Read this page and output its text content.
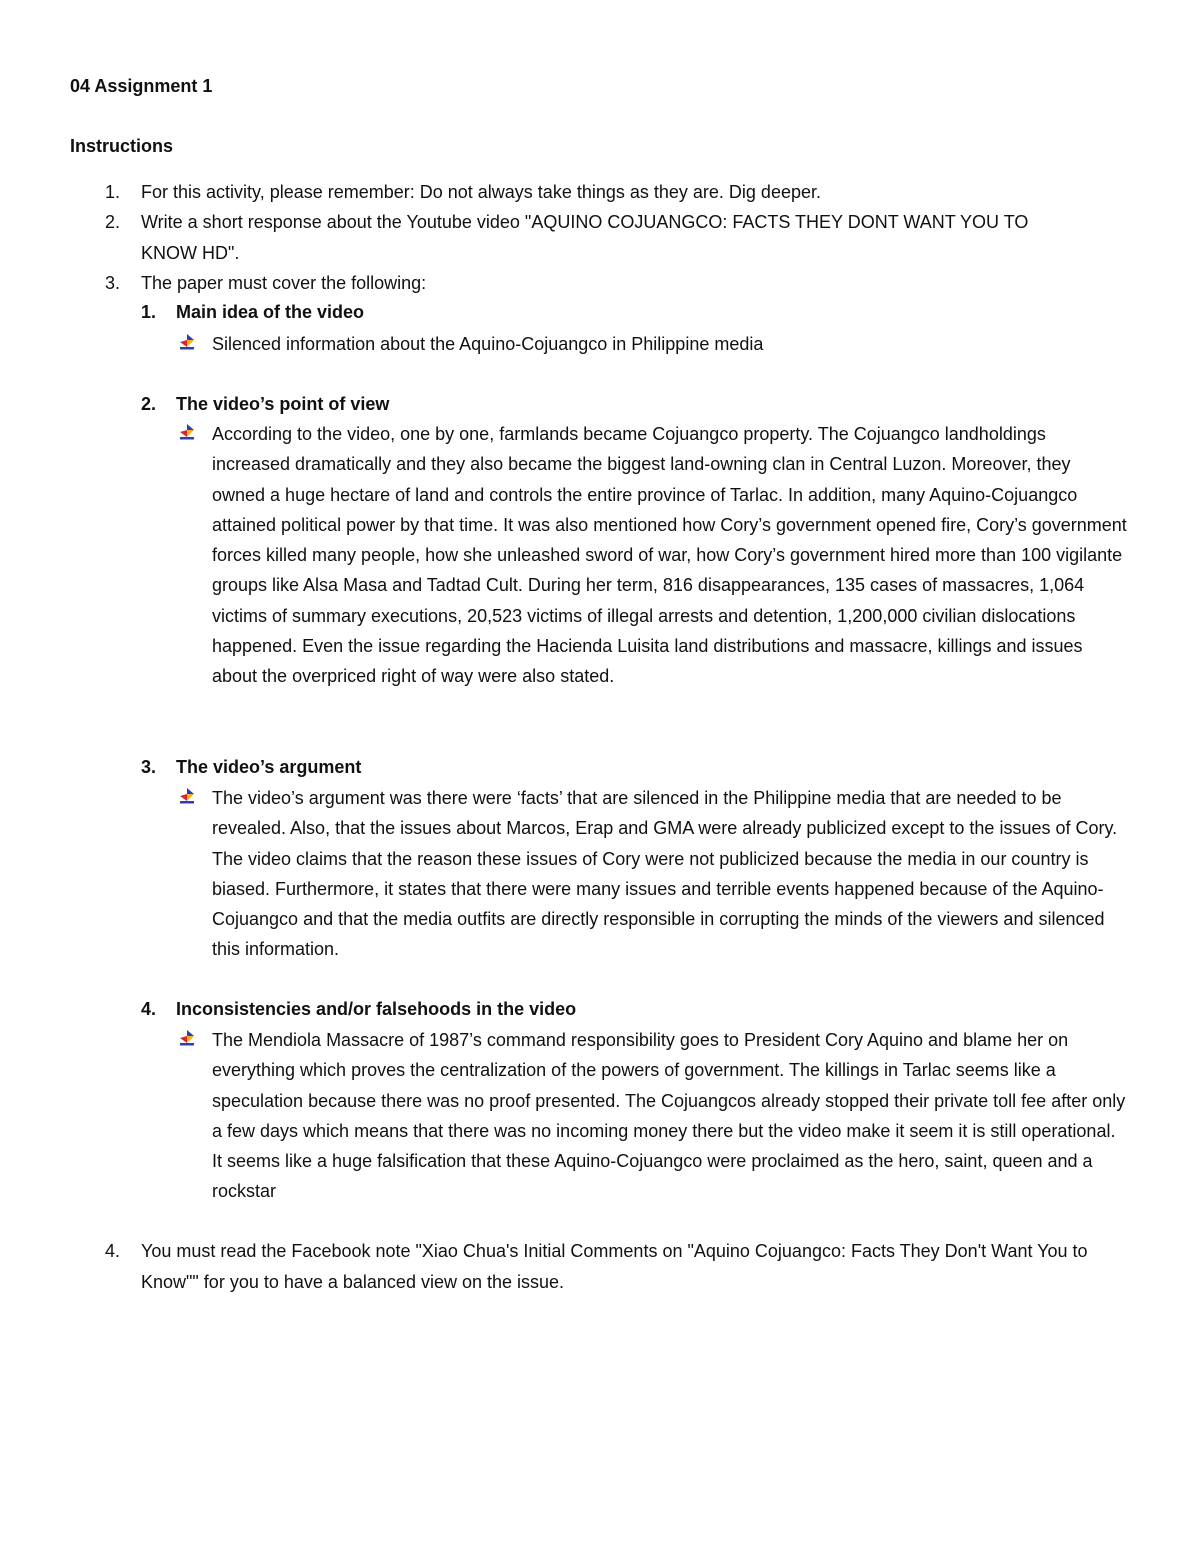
04 Assignment 1
Instructions
1.	For this activity, please remember: Do not always take things as they are. Dig deeper.
2.	Write a short response about the Youtube video "AQUINO COJUANGCO: FACTS THEY DONT WANT YOU TO KNOW HD".
3.	The paper must cover the following:
1.	Main idea of the video
Silenced information about the Aquino-Cojuangco in Philippine media
2.	The video’s point of view
According to the video, one by one, farmlands became Cojuangco property. The Cojuangco landholdings increased dramatically and they also became the biggest land-owning clan in Central Luzon. Moreover, they owned a huge hectare of land and controls the entire province of Tarlac. In addition, many Aquino-Cojuangco attained political power by that time. It was also mentioned how Cory’s government opened fire, Cory’s government forces killed many people, how she unleashed sword of war, how Cory’s government hired more than 100 vigilante groups like Alsa Masa and Tadtad Cult. During her term, 816 disappearances, 135 cases of massacres, 1,064 victims of summary executions, 20,523 victims of illegal arrests and detention, 1,200,000 civilian dislocations happened. Even the issue regarding the Hacienda Luisita land distributions and massacre, killings and issues about the overpriced right of way were also stated.
3.	The video’s argument
The video’s argument was there were ‘facts’ that are silenced in the Philippine media that are needed to be revealed. Also, that the issues about Marcos, Erap and GMA were already publicized except to the issues of Cory. The video claims that the reason these issues of Cory were not publicized because the media in our country is biased. Furthermore, it states that there were many issues and terrible events happened because of the Aquino-Cojuangco and that the media outfits are directly responsible in corrupting the minds of the viewers and silenced this information.
4.	Inconsistencies and/or falsehoods in the video
The Mendiola Massacre of 1987’s command responsibility goes to President Cory Aquino and blame her on everything which proves the centralization of the powers of government. The killings in Tarlac seems like a speculation because there was no proof presented. The Cojuangcos already stopped their private toll fee after only a few days which means that there was no incoming money there but the video make it seem it is still operational. It seems like a huge falsification that these Aquino-Cojuangco were proclaimed as the hero, saint, queen and a rockstar
4.	You must read the Facebook note "Xiao Chua's Initial Comments on "Aquino Cojuangco: Facts They Don't Want You to Know"" for you to have a balanced view on the issue.
